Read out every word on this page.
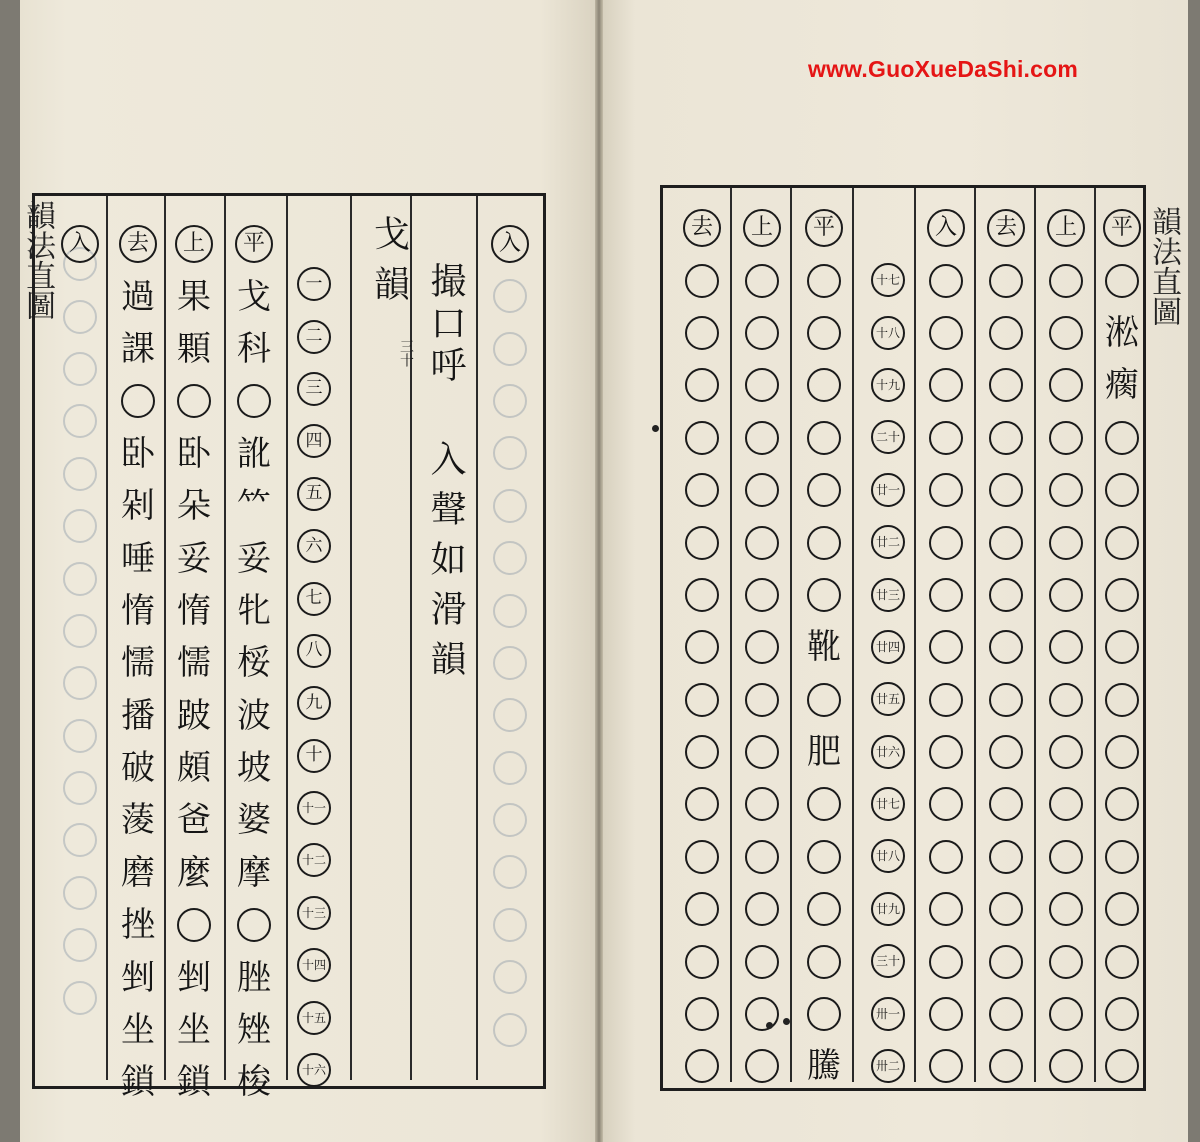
www.GuoXueDaShi.com
韻法直圖 入	去
過
課
卧
剁
唾
惰
懦
播
破
蔆
磨
挫
剉
坐
鎖
上
果
顆
卧
朵
妥
惰
懦
跛
頗
爸
麼
剉
坐
鎖
平
戈
科
訛
𥫗
妥
牝
桵
波
坡
婆
摩
脞
矬
梭
一
二
三
四
五
六
七
八
九
十
十一
十二
十三
十四
十五
十六
戈韻
三十 撮口呼
入聲如滑韻
入	韻法直圖
平
淞
瘸
上
去
入
十七
十八
十九
二十
廿一
廿二
廿三
廿四
廿五
廿六
廿七
廿八
廿九
三十
卅一
卅二
平
靴
肥
騰
上
去
